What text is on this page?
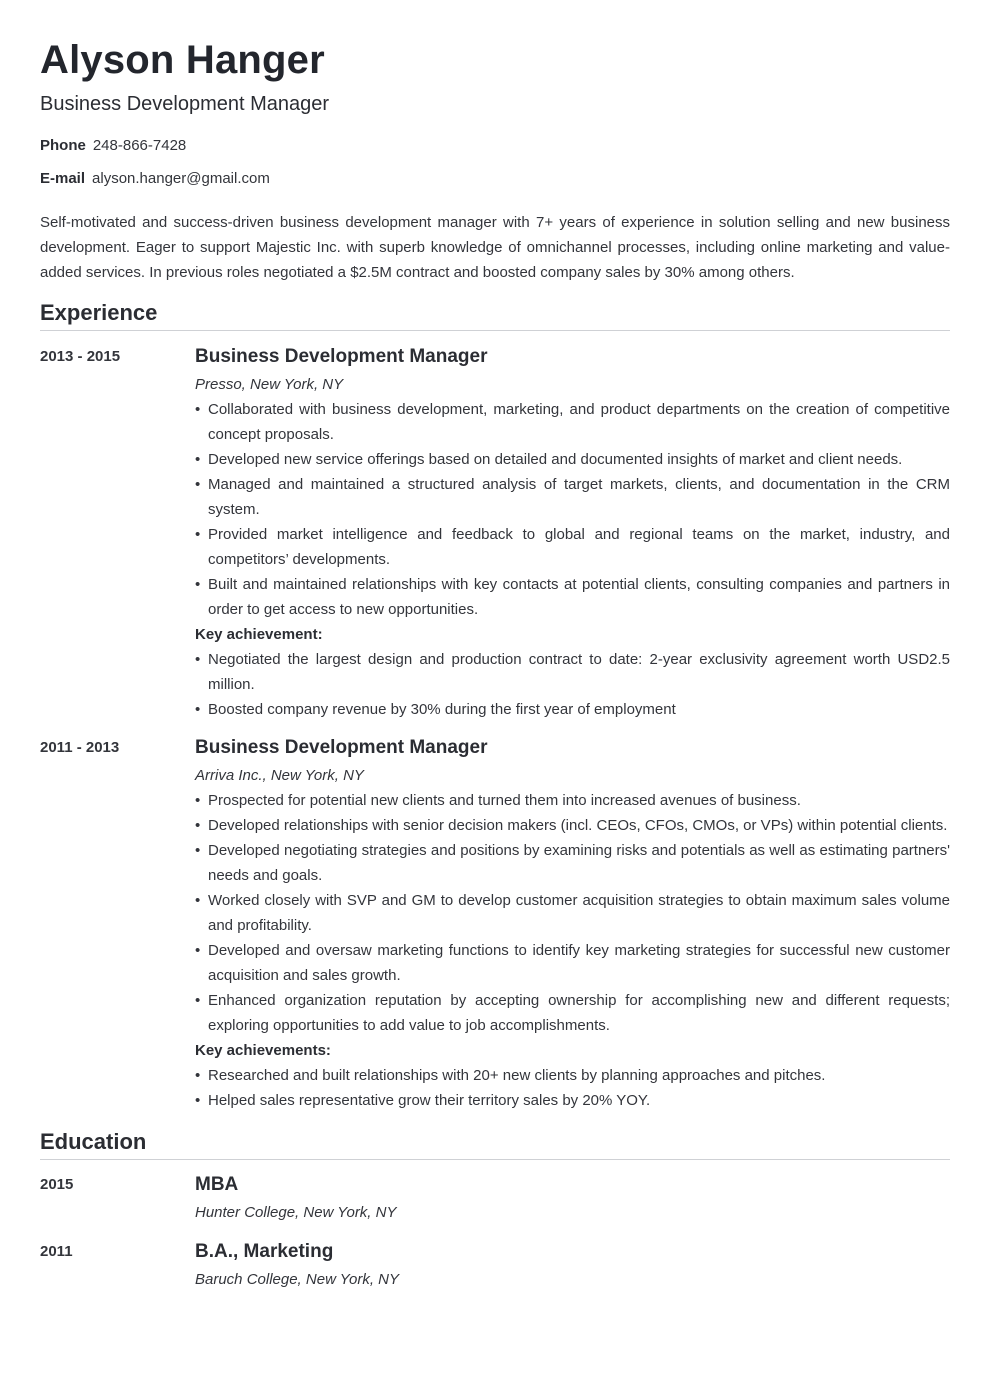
Alyson Hanger
Business Development Manager
Phone 248-866-7428
E-mail alyson.hanger@gmail.com

Self-motivated and success-driven business development manager with 7+ years of experience in solution selling and new business development. Eager to support Majestic Inc. with superb knowledge of omnichannel processes, including online marketing and value-added services. In previous roles negotiated a $2.5M contract and boosted company sales by 30% among others.

Experience
2013 - 2015	Business Development Manager
Presso, New York, NY
• Collaborated with business development, marketing, and product departments on the creation of competitive concept proposals.
• Developed new service offerings based on detailed and documented insights of market and client needs.
• Managed and maintained a structured analysis of target markets, clients, and documentation in the CRM system.
• Provided market intelligence and feedback to global and regional teams on the market, industry, and competitors’ developments.
• Built and maintained relationships with key contacts at potential clients, consulting companies and partners in order to get access to new opportunities.
Key achievement:
• Negotiated the largest design and production contract to date: 2-year exclusivity agreement worth USD2.5 million.
• Boosted company revenue by 30% during the first year of employment
2011 - 2013	Business Development Manager
Arriva Inc., New York, NY
• Prospected for potential new clients and turned them into increased avenues of business.
• Developed relationships with senior decision makers (incl. CEOs, CFOs, CMOs, or VPs) within potential clients.
• Developed negotiating strategies and positions by examining risks and potentials as well as estimating partners' needs and goals.
• Worked closely with SVP and GM to develop customer acquisition strategies to obtain maximum sales volume and profitability.
• Developed and oversaw marketing functions to identify key marketing strategies for successful new customer acquisition and sales growth.
• Enhanced organization reputation by accepting ownership for accomplishing new and different requests; exploring opportunities to add value to job accomplishments.
Key achievements:
• Researched and built relationships with 20+ new clients by planning approaches and pitches.
• Helped sales representative grow their territory sales by 20% YOY.
Education
2015	MBA
Hunter College, New York, NY
2011	B.A., Marketing
Baruch College, New York, NY
